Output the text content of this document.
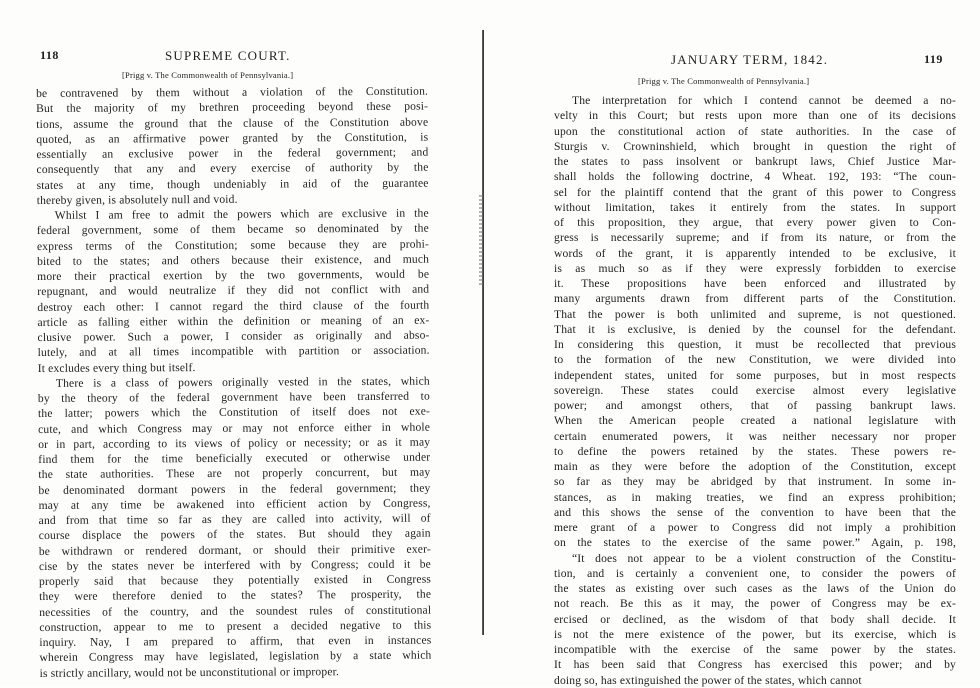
118	SUPREME COURT.
[Prigg v. The Commonwealth of Pennsylvania.]
be contravened by them without a violation of the Constitution.
But the majority of my brethren proceeding beyond these posi-
tions, assume the ground that the clause of the Constitution above
quoted, as an affirmative power granted by the Constitution, is
essentially an exclusive power in the federal government; and
consequently that any and every exercise of authority by the
states at any time, though undeniably in aid of the guarantee
thereby given, is absolutely null and void.
Whilst I am free to admit the powers which are exclusive in the
federal government, some of them became so denominated by the
express terms of the Constitution; some because they are prohi-
bited to the states; and others because their existence, and much
more their practical exertion by the two governments, would be
repugnant, and would neutralize if they did not conflict with and
destroy each other: I cannot regard the third clause of the fourth
article as falling either within the definition or meaning of an ex-
clusive power. Such a power, I consider as originally and abso-
lutely, and at all times incompatible with partition or association.
It excludes every thing but itself.
There is a class of powers originally vested in the states, which
by the theory of the federal government have been transferred to
the latter; powers which the Constitution of itself does not exe-
cute, and which Congress may or may not enforce either in whole
or in part, according to its views of policy or necessity; or as it may
find them for the time beneficially executed or otherwise under
the state authorities. These are not properly concurrent, but may
be denominated dormant powers in the federal government; they
may at any time be awakened into efficient action by Congress,
and from that time so far as they are called into activity, will of
course displace the powers of the states. But should they again
be withdrawn or rendered dormant, or should their primitive exer-
cise by the states never be interfered with by Congress; could it be
properly said that because they potentially existed in Congress
they were therefore denied to the states? The prosperity, the
necessities of the country, and the soundest rules of constitutional
construction, appear to me to present a decided negative to this
inquiry. Nay, I am prepared to affirm, that even in instances
wherein Congress may have legislated, legislation by a state which
is strictly ancillary, would not be unconstitutional or improper.
119
JANUARY TERM, 1842.
[Prigg v. The Commonwealth of Pennsylvania.]
The interpretation for which I contend cannot be deemed a no-
velty in this Court; but rests upon more than one of its decisions
upon the constitutional action of state authorities. In the case of
Sturgis v. Crowninshield, which brought in question the right of
the states to pass insolvent or bankrupt laws, Chief Justice Mar-
shall holds the following doctrine, 4 Wheat. 192, 193: “The coun-
sel for the plaintiff contend that the grant of this power to Congress
without limitation, takes it entirely from the states. In support
of this proposition, they argue, that every power given to Con-
gress is necessarily supreme; and if from its nature, or from the
words of the grant, it is apparently intended to be exclusive, it
is as much so as if they were expressly forbidden to exercise
it. These propositions have been enforced and illustrated by
many arguments drawn from different parts of the Constitution.
That the power is both unlimited and supreme, is not questioned.
That it is exclusive, is denied by the counsel for the defendant.
In considering this question, it must be recollected that previous
to the formation of the new Constitution, we were divided into
independent states, united for some purposes, but in most respects
sovereign. These states could exercise almost every legislative
power; and amongst others, that of passing bankrupt laws.
When the American people created a national legislature with
certain enumerated powers, it was neither necessary nor proper
to define the powers retained by the states. These powers re-
main as they were before the adoption of the Constitution, except
so far as they may be abridged by that instrument. In some in-
stances, as in making treaties, we find an express prohibition;
and this shows the sense of the convention to have been that the
mere grant of a power to Congress did not imply a prohibition
on the states to the exercise of the same power.” Again, p. 198,
“It does not appear to be a violent construction of the Constitu-
tion, and is certainly a convenient one, to consider the powers of
the states as existing over such cases as the laws of the Union do
not reach. Be this as it may, the power of Congress may be ex-
ercised or declined, as the wisdom of that body shall decide. It
is not the mere existence of the power, but its exercise, which is
incompatible with the exercise of the same power by the states.
It has been said that Congress has exercised this power; and by
doing so, has extinguished the power of the states, which cannot
